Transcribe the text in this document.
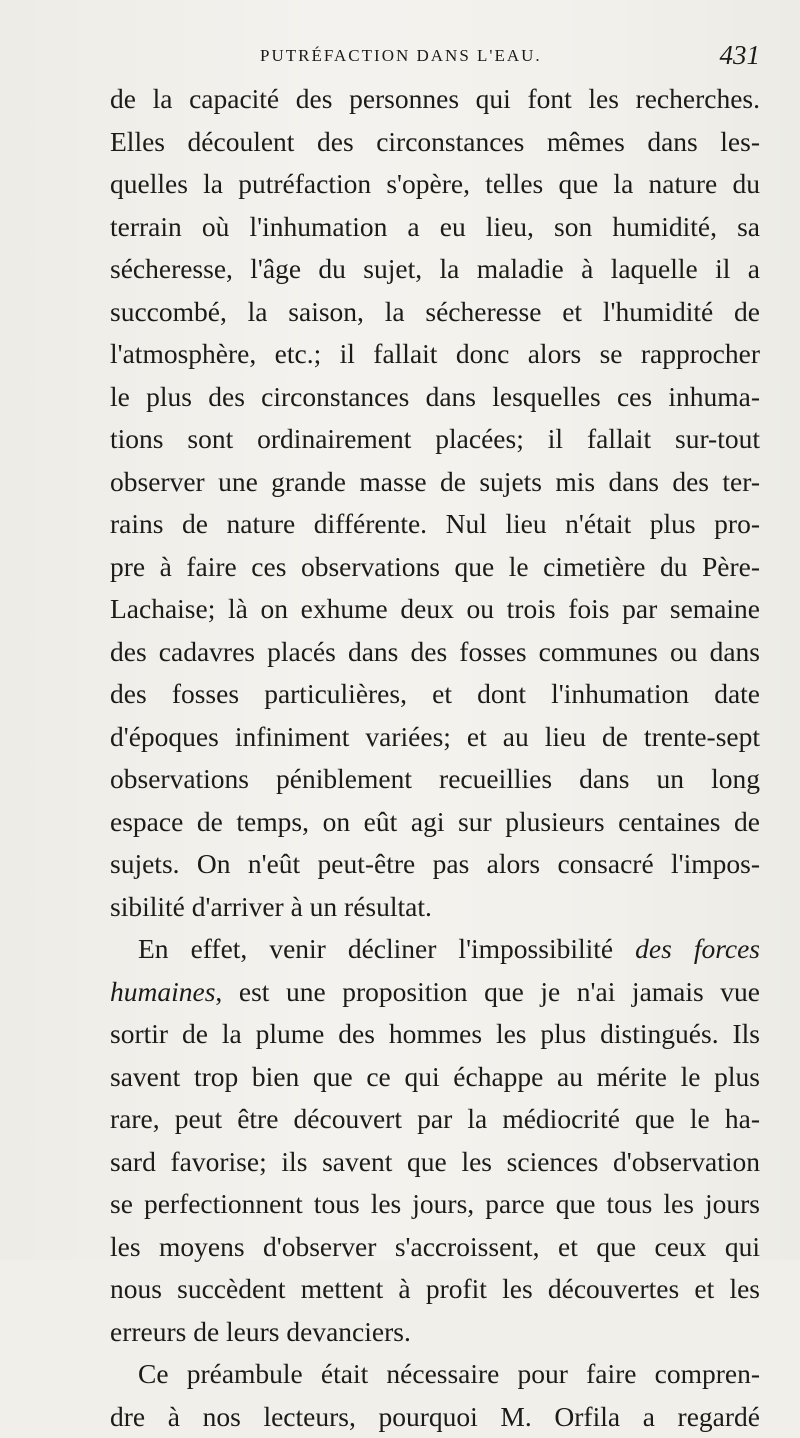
PUTRÉFACTION DANS L'EAU.	431
de la capacité des personnes qui font les recherches.
Elles découlent des circonstances mêmes dans les-
quelles la putréfaction s'opère, telles que la nature du
terrain où l'inhumation a eu lieu, son humidité, sa
sécheresse, l'âge du sujet, la maladie à laquelle il a
succombé, la saison, la sécheresse et l'humidité de
l'atmosphère, etc.; il fallait donc alors se rapprocher
le plus des circonstances dans lesquelles ces inhuma-
tions sont ordinairement placées; il fallait sur-tout
observer une grande masse de sujets mis dans des ter-
rains de nature différente. Nul lieu n'était plus pro-
pre à faire ces observations que le cimetière du Père-
Lachaise; là on exhume deux ou trois fois par semaine
des cadavres placés dans des fosses communes ou dans
des fosses particulières, et dont l'inhumation date
d'époques infiniment variées; et au lieu de trente-sept
observations péniblement recueillies dans un long
espace de temps, on eût agi sur plusieurs centaines de
sujets. On n'eût peut-être pas alors consacré l'impos-
sibilité d'arriver à un résultat.
En effet, venir décliner l'impossibilité des forces
humaines, est une proposition que je n'ai jamais vue
sortir de la plume des hommes les plus distingués. Ils
savent trop bien que ce qui échappe au mérite le plus
rare, peut être découvert par la médiocrité que le ha-
sard favorise; ils savent que les sciences d'observation
se perfectionnent tous les jours, parce que tous les jours
les moyens d'observer s'accroissent, et que ceux qui
nous succèdent mettent à profit les découvertes et les
erreurs de leurs devanciers.
Ce préambule était nécessaire pour faire compren-
dre à nos lecteurs, pourquoi M. Orfila a regardé
